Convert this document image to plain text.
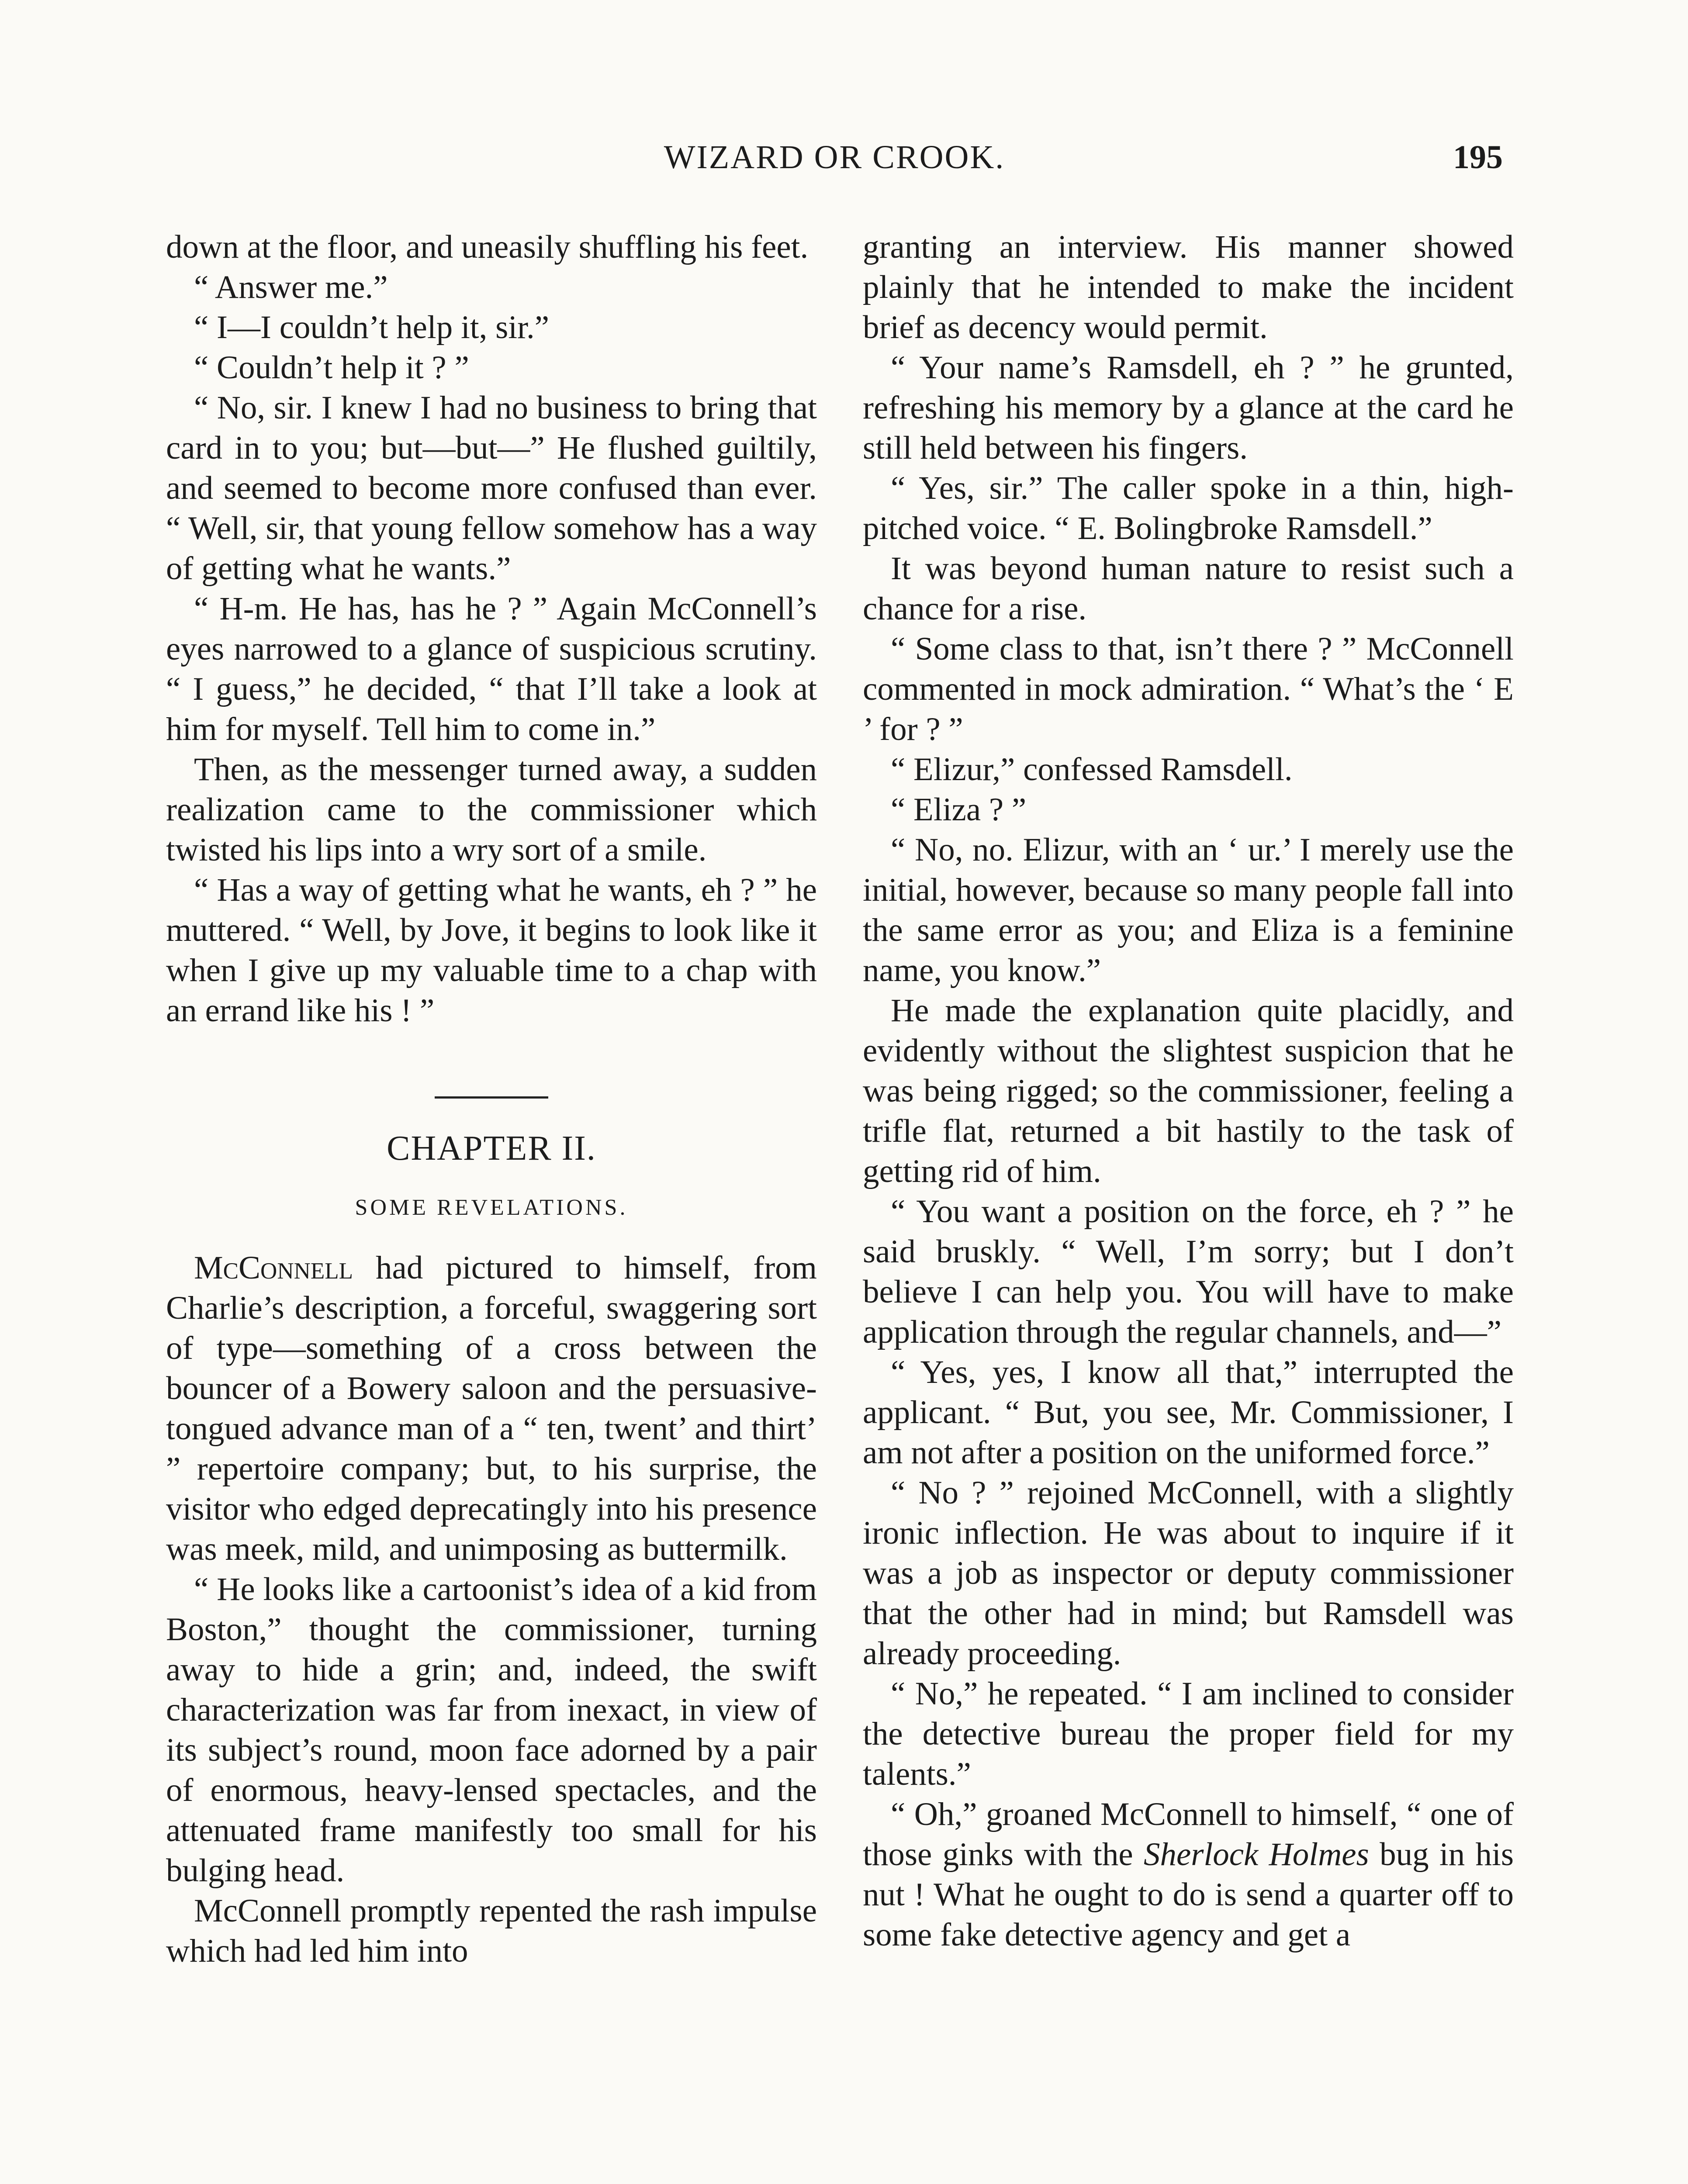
WIZARD OR CROOK.	195

down at the floor, and uneasily shuffling his feet.

“ Answer me.”

“ I—I couldn’t help it, sir.”

“ Couldn’t help it ? ”

“ No, sir. I knew I had no business to bring that card in to you; but—but—” He flushed guiltily, and seemed to become more confused than ever. “ Well, sir, that young fellow somehow has a way of getting what he wants.”

“ H-m. He has, has he ? ” Again McConnell’s eyes narrowed to a glance of suspicious scrutiny. “ I guess,” he decided, “ that I’ll take a look at him for myself. Tell him to come in.”

Then, as the messenger turned away, a sudden realization came to the commissioner which twisted his lips into a wry sort of a smile.

“ Has a way of getting what he wants, eh ? ” he muttered. “ Well, by Jove, it begins to look like it when I give up my valuable time to a chap with an errand like his ! ”

CHAPTER II.
SOME REVELATIONS.

McConnell had pictured to himself, from Charlie’s description, a forceful, swaggering sort of type—something of a cross between the bouncer of a Bowery saloon and the persuasive-tongued advance man of a “ ten, twent’ and thirt’ ” repertoire company; but, to his surprise, the visitor who edged deprecatingly into his presence was meek, mild, and unimposing as buttermilk.

“ He looks like a cartoonist’s idea of a kid from Boston,” thought the commissioner, turning away to hide a grin; and, indeed, the swift characterization was far from inexact, in view of its subject’s round, moon face adorned by a pair of enormous, heavy-lensed spectacles, and the attenuated frame manifestly too small for his bulging head.

McConnell promptly repented the rash impulse which had led him into

granting an interview. His manner showed plainly that he intended to make the incident brief as decency would permit.

“ Your name’s Ramsdell, eh ? ” he grunted, refreshing his memory by a glance at the card he still held between his fingers.

“ Yes, sir.” The caller spoke in a thin, high-pitched voice. “ E. Bolingbroke Ramsdell.”

It was beyond human nature to resist such a chance for a rise.

“ Some class to that, isn’t there ? ” McConnell commented in mock admiration. “ What’s the ‘ E ’ for ? ”

“ Elizur,” confessed Ramsdell.

“ Eliza ? ”

“ No, no. Elizur, with an ‘ ur.’ I merely use the initial, however, because so many people fall into the same error as you; and Eliza is a feminine name, you know.”

He made the explanation quite placidly, and evidently without the slightest suspicion that he was being rigged; so the commissioner, feeling a trifle flat, returned a bit hastily to the task of getting rid of him.

“ You want a position on the force, eh ? ” he said bruskly. “ Well, I’m sorry; but I don’t believe I can help you. You will have to make application through the regular channels, and—”

“ Yes, yes, I know all that,” interrupted the applicant. “ But, you see, Mr. Commissioner, I am not after a position on the uniformed force.”

“ No ? ” rejoined McConnell, with a slightly ironic inflection. He was about to inquire if it was a job as inspector or deputy commissioner that the other had in mind; but Ramsdell was already proceeding.

“ No,” he repeated. “ I am inclined to consider the detective bureau the proper field for my talents.”

“ Oh,” groaned McConnell to himself, “ one of those ginks with the Sherlock Holmes bug in his nut ! What he ought to do is send a quarter off to some fake detective agency and get a
